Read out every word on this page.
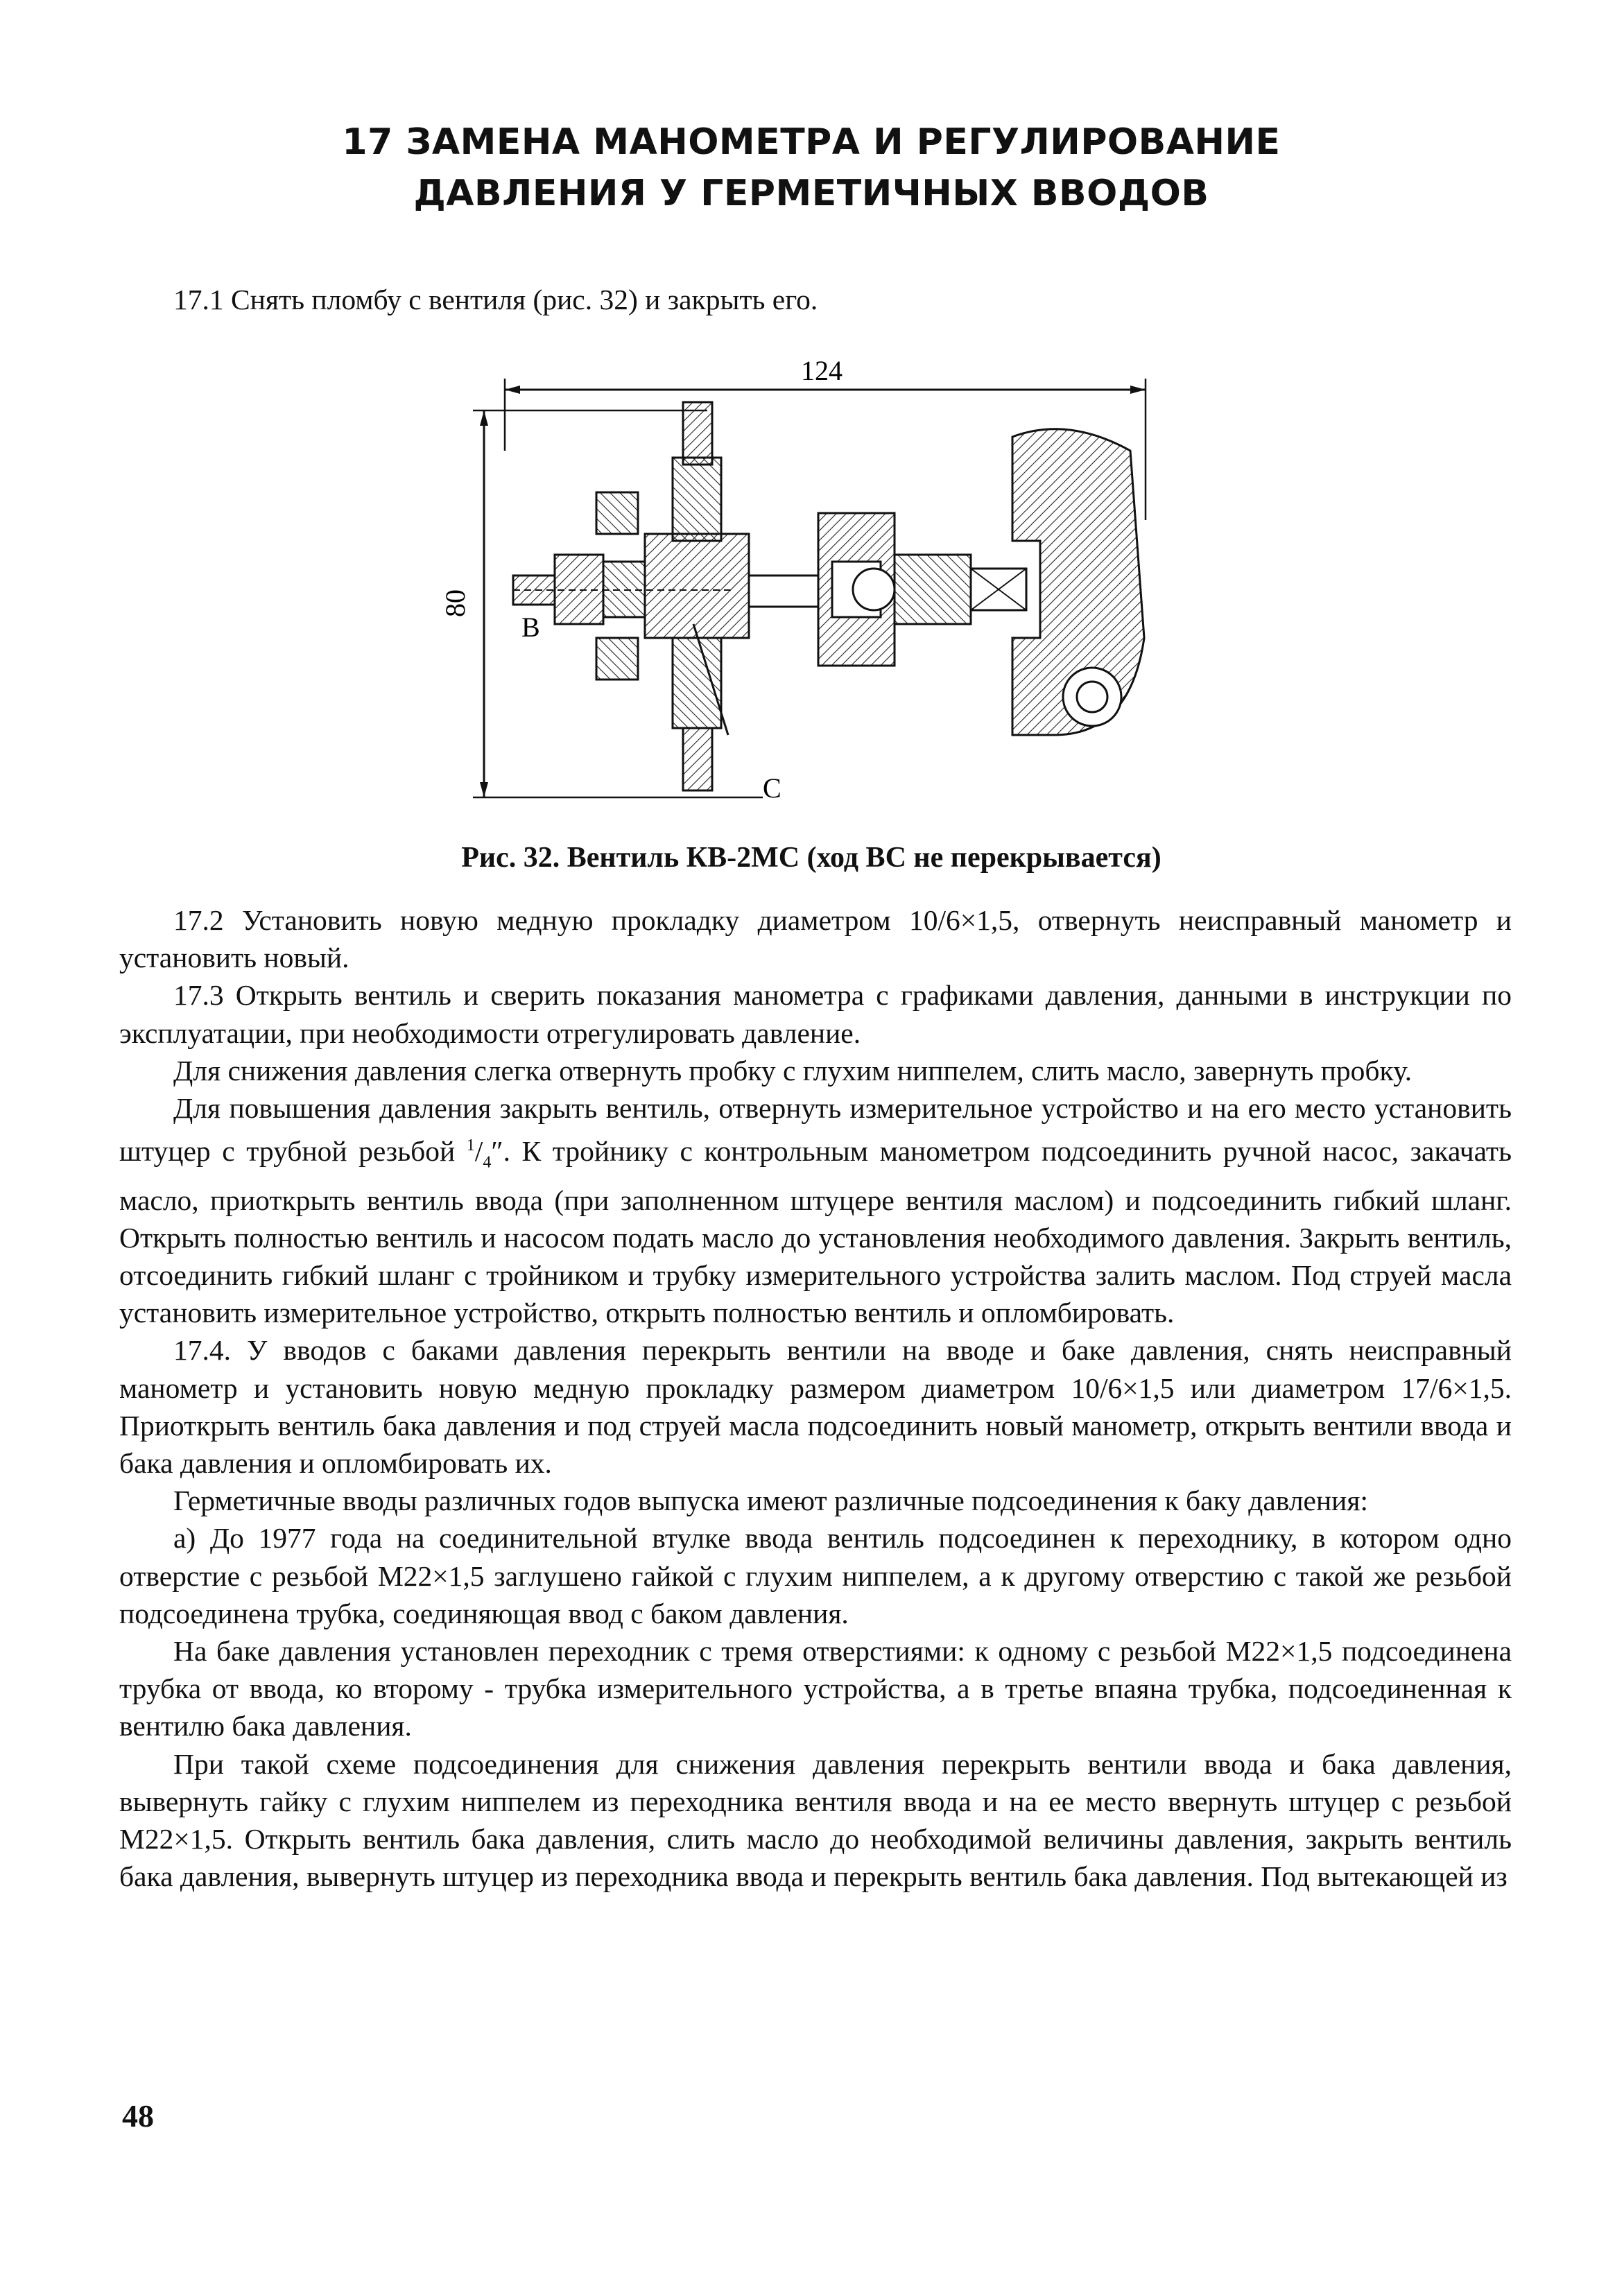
17 ЗАМЕНА МАНОМЕТРА И РЕГУЛИРОВАНИЕ
ДАВЛЕНИЯ У ГЕРМЕТИЧНЫХ ВВОДОВ
17.1 Снять пломбу с вентиля (рис. 32) и закрыть его.
124
80
B
C
Рис. 32. Вентиль КВ-2МС (ход ВС не перекрывается)

17.2 Установить новую медную прокладку диаметром 10/6×1,5, отвернуть неисправный манометр и установить новый.

17.3 Открыть вентиль и сверить показания манометра с графиками давления, данными в инструкции по эксплуатации, при необходимости отрегулировать давление.

Для снижения давления слегка отвернуть пробку с глухим ниппелем, слить масло, завернуть пробку.

Для повышения давления закрыть вентиль, отвернуть измерительное устройство и на его место установить штуцер с трубной резьбой $^1/_4''$. К тройнику с контрольным манометром подсоединить ручной насос, закачать масло, приоткрыть вентиль ввода (при заполненном штуцере вентиля маслом) и подсоединить гибкий шланг. Открыть полностью вентиль и насосом подать масло до установления необходимого давления. Закрыть вентиль, отсоединить гибкий шланг с тройником и трубку измерительного устройства залить маслом. Под струей масла установить измерительное устройство, открыть полностью вентиль и опломбировать.

17.4. У вводов с баками давления перекрыть вентили на вводе и баке давления, снять неисправный манометр и установить новую медную прокладку размером диаметром 10/6×1,5 или диаметром 17/6×1,5. Приоткрыть вентиль бака давления и под струей масла подсоединить новый манометр, открыть вентили ввода и бака давления и опломбировать их.

Герметичные вводы различных годов выпуска имеют различные подсоединения к баку давления:

а) До 1977 года на соединительной втулке ввода вентиль подсоединен к переходнику, в котором одно отверстие с резьбой М22×1,5 заглушено гайкой с глухим ниппелем, а к другому отверстию с такой же резьбой подсоединена трубка, соединяющая ввод с баком давления.

На баке давления установлен переходник с тремя отверстиями: к одному с резьбой М22×1,5 подсоединена трубка от ввода, ко второму - трубка измерительного устройства, а в третье впаяна трубка, подсоединенная к вентилю бака давления.

При такой схеме подсоединения для снижения давления перекрыть вентили ввода и бака давления, вывернуть гайку с глухим ниппелем из переходника вентиля ввода и на ее место ввернуть штуцер с резьбой М22×1,5. Открыть вентиль бака давления, слить масло до необходимой величины давления, закрыть вентиль бака давления, вывернуть штуцер из переходника ввода и перекрыть вентиль бака давления. Под вытекающей из

48
